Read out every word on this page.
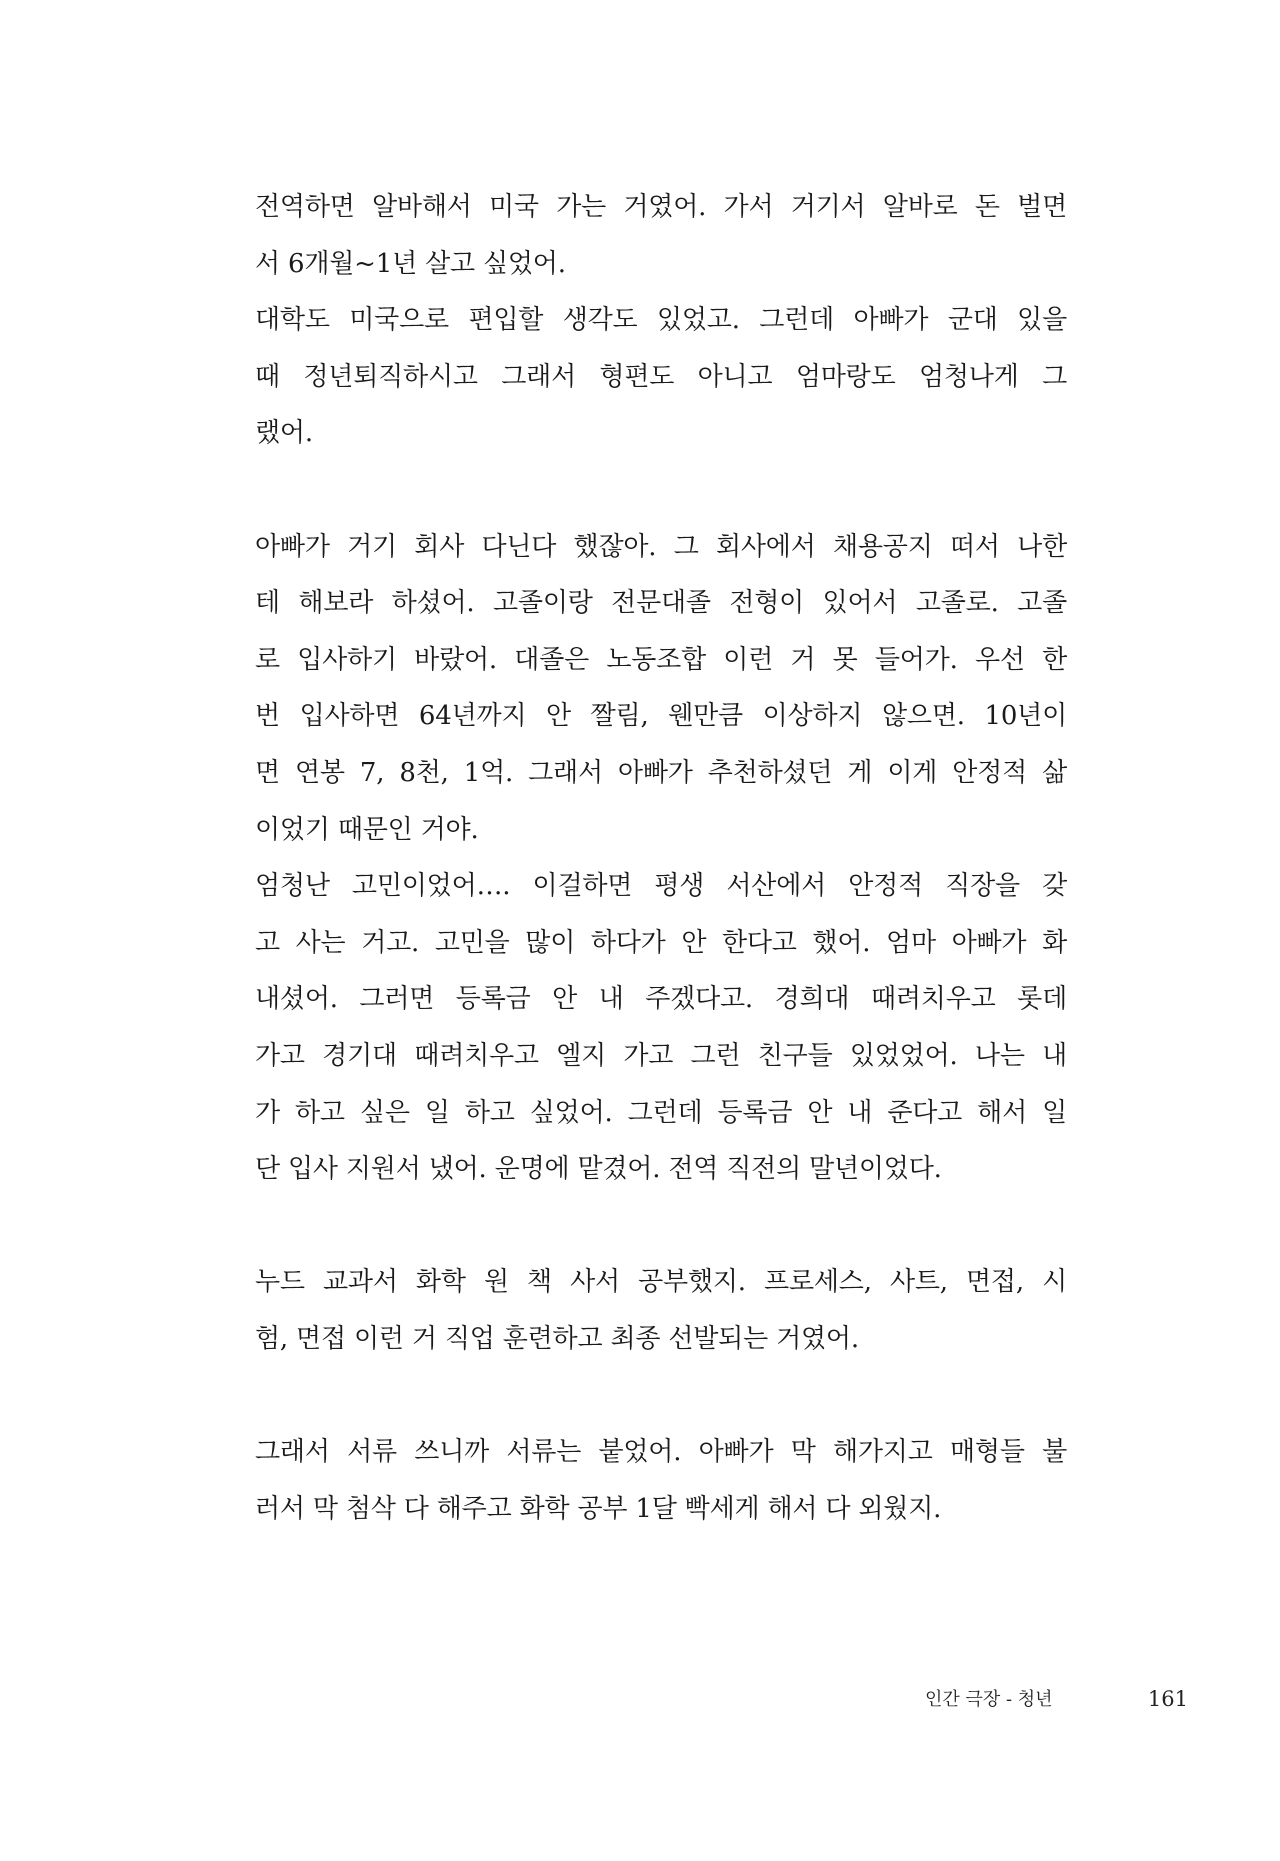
전역하면 알바해서 미국 가는 거였어. 가서 거기서 알바로 돈 벌면
서 6개월~1년 살고 싶었어.
대학도 미국으로 편입할 생각도 있었고. 그런데 아빠가 군대 있을
때 정년퇴직하시고 그래서 형편도 아니고 엄마랑도 엄청나게 그
랬어.
아빠가 거기 회사 다닌다 했잖아. 그 회사에서 채용공지 떠서 나한
테 해보라 하셨어. 고졸이랑 전문대졸 전형이 있어서 고졸로. 고졸
로 입사하기 바랐어. 대졸은 노동조합 이런 거 못 들어가. 우선 한
번 입사하면 64년까지 안 짤림, 웬만큼 이상하지 않으면. 10년이
면 연봉 7, 8천, 1억. 그래서 아빠가 추천하셨던 게 이게 안정적 삶
이었기 때문인 거야.
엄청난 고민이었어…. 이걸하면 평생 서산에서 안정적 직장을 갖
고 사는 거고. 고민을 많이 하다가 안 한다고 했어. 엄마 아빠가 화
내셨어. 그러면 등록금 안 내 주겠다고. 경희대 때려치우고 롯데
가고 경기대 때려치우고 엘지 가고 그런 친구들 있었었어. 나는 내
가 하고 싶은 일 하고 싶었어. 그런데 등록금 안 내 준다고 해서 일
단 입사 지원서 냈어. 운명에 맡겼어. 전역 직전의 말년이었다.
누드 교과서 화학 원 책 사서 공부했지. 프로세스, 사트, 면접, 시
험, 면접 이런 거 직업 훈련하고 최종 선발되는 거였어.
그래서 서류 쓰니까 서류는 붙었어. 아빠가 막 해가지고 매형들 불
러서 막 첨삭 다 해주고 화학 공부 1달 빡세게 해서 다 외웠지.
인간 극장 - 청년	161
